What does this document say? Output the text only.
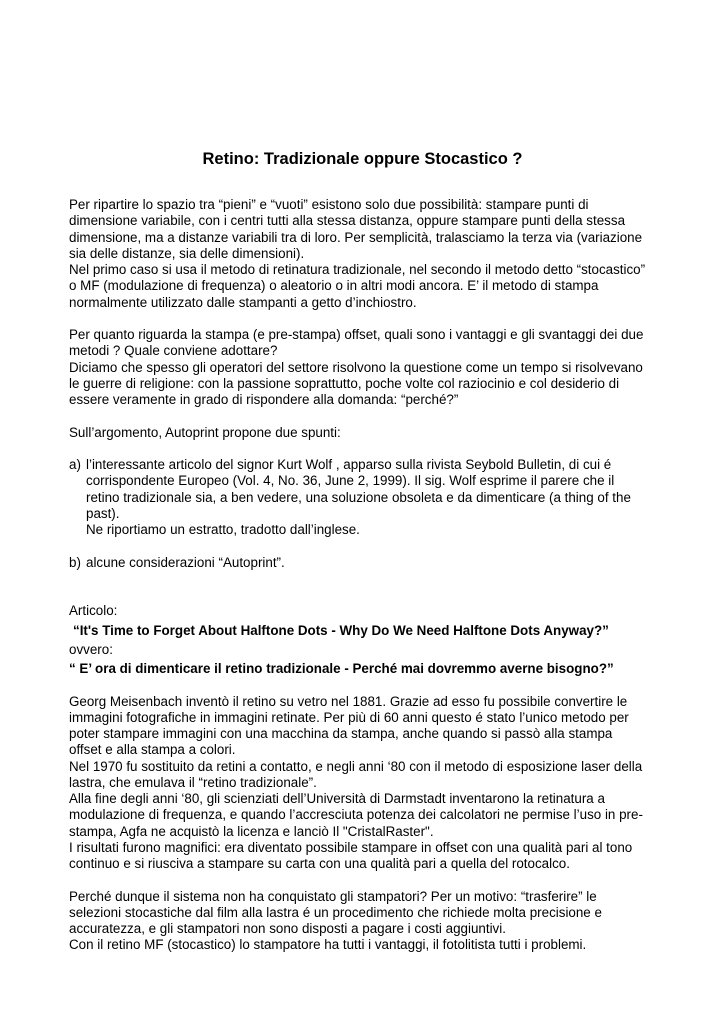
Retino: Tradizionale oppure Stocastico ?

Per ripartire lo spazio tra “pieni” e “vuoti” esistono solo due possibilità: stampare punti di
dimensione variabile, con i centri tutti alla stessa distanza, oppure stampare punti della stessa
dimensione, ma a distanze variabili tra di loro. Per semplicità, tralasciamo la terza via (variazione
sia delle distanze, sia delle dimensioni).
Nel primo caso si usa il metodo di retinatura tradizionale, nel secondo il metodo detto “stocastico”
o MF (modulazione di frequenza) o aleatorio o in altri modi ancora. E’ il metodo di stampa
normalmente utilizzato dalle stampanti a getto d’inchiostro.

Per quanto riguarda la stampa (e pre-stampa) offset, quali sono i vantaggi e gli svantaggi dei due
metodi ? Quale conviene adottare?
Diciamo che spesso gli operatori del settore risolvono la questione come un tempo si risolvevano
le guerre di religione: con la passione soprattutto, poche volte col raziocinio e col desiderio di
essere veramente in grado di rispondere alla domanda: “perché?”

Sull’argomento, Autoprint propone due spunti:

a) l’interessante articolo del signor Kurt Wolf , apparso sulla rivista Seybold Bulletin, di cui é
corrispondente Europeo (Vol. 4, No. 36, June 2, 1999). Il sig. Wolf esprime il parere che il
retino tradizionale sia, a ben vedere, una soluzione obsoleta e da dimenticare (a thing of the
past).
Ne riportiamo un estratto, tradotto dall’inglese.
b) alcune considerazioni “Autoprint”.

Articolo:

“It's Time to Forget About Halftone Dots - Why Do We Need Halftone Dots Anyway?”

ovvero:

“ E’ ora di dimenticare il retino tradizionale - Perché mai dovremmo averne bisogno?”

Georg Meisenbach inventò il retino su vetro nel 1881. Grazie ad esso fu possibile convertire le
immagini fotografiche in immagini retinate. Per più di 60 anni questo é stato l’unico metodo per
poter stampare immagini con una macchina da stampa, anche quando si passò alla stampa
offset e alla stampa a colori.
Nel 1970 fu sostituito da retini a contatto, e negli anni ‘80 con il metodo di esposizione laser della
lastra, che emulava il “retino tradizionale”.
Alla fine degli anni ‘80, gli scienziati dell’Università di Darmstadt inventarono la retinatura a
modulazione di frequenza, e quando l’accresciuta potenza dei calcolatori ne permise l’uso in pre-
stampa, Agfa ne acquistò la licenza e lanciò Il "CristalRaster".
I risultati furono magnifici: era diventato possibile stampare in offset con una qualità pari al tono
continuo e si riusciva a stampare su carta con una qualità pari a quella del rotocalco.

Perché dunque il sistema non ha conquistato gli stampatori? Per un motivo: “trasferire” le
selezioni stocastiche dal film alla lastra é un procedimento che richiede molta precisione e
accuratezza, e gli stampatori non sono disposti a pagare i costi aggiuntivi.
Con il retino MF (stocastico) lo stampatore ha tutti i vantaggi, il fotolitista tutti i problemi.
